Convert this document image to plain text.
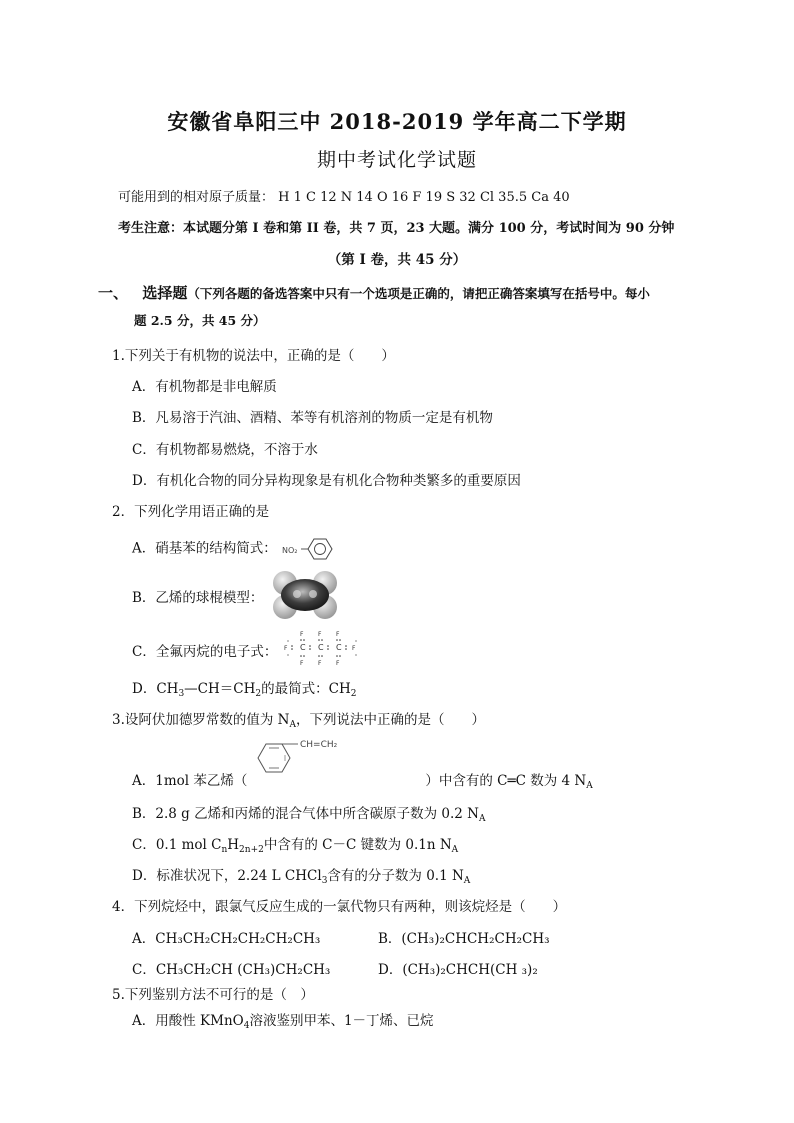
安徽省阜阳三中 2018-2019 学年高二下学期
期中考试化学试题
可能用到的相对原子质量： H 1 C 12 N 14 O 16 F 19 S 32 Cl 35.5 Ca 40
考生注意：本试题分第 I 卷和第 II 卷，共 7 页，23 大题。满分 100 分，考试时间为 90 分钟
（第 I 卷，共 45 分）
一、 选择题（下列各题的备选答案中只有一个选项是正确的，请把正确答案填写在括号中。每小
题 2.5 分，共 45 分）
1.下列关于有机物的说法中，正确的是（　　）
A．有机物都是非电解质
B．凡易溶于汽油、酒精、苯等有机溶剂的物质一定是有机物
C．有机物都易燃烧，不溶于水
D．有机化合物的同分异构现象是有机化合物种类繁多的重要原因
2．下列化学用语正确的是
A．硝基苯的结构简式： NO₂
B．乙烯的球棍模型：
C．全氟丙烷的电子式：
F F F
F C C C F
F F F
D．$CH_3—CH=CH_2$的最简式：$CH_2$
3.设阿伏加德罗常数的值为 $N_A$，下列说法中正确的是（　　）
CH=CH₂
A．1mol 苯乙烯（	）中含有的 C═C 数为 4 $N_A$
B．2.8 g 乙烯和丙烯的混合气体中所含碳原子数为 0.2 $N_A$
C．0.1 mol $C_nH_{2n+2}$中含有的 C－C 键数为 0.1n $N_A$
D．标准状况下，2.24 L CHCl$_3$含有的分子数为 0.1 $N_A$
4．下列烷烃中，跟氯气反应生成的一氯代物只有两种，则该烷烃是（　　）
A．CH₃CH₂CH₂CH₂CH₂CH₃	B．(CH₃)₂CHCH₂CH₂CH₃
C．CH₃CH₂CH (CH₃)CH₂CH₃	D．(CH₃)₂CHCH(CH ₃)₂
5.下列鉴别方法不可行的是（　）
A．用酸性 KMnO$_4$溶液鉴别甲苯、1－丁烯、已烷
